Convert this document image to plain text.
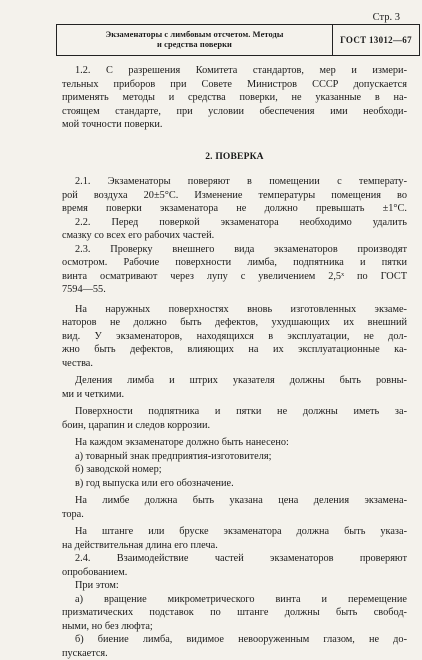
Стр. 3
Экзаменаторы с лимбовым отсчетом. Методы
и средства поверки	ГОСТ 13012—67
1.2. С разрешения Комитета стандартов, мер и измери-
тельных приборов при Совете Министров СССР допускается
применять методы и средства поверки, не указанные в на-
стоящем стандарте, при условии обеспечения ими необходи-
мой точности поверки.
2. ПОВЕРКА
2.1. Экзаменаторы поверяют в помещении с температу-
рой воздуха 20±5°С. Изменение температуры помещения во
время поверки экзаменатора не должно превышать ±1°С.
2.2. Перед поверкой экзаменатора необходимо удалить
смазку со всех его рабочих частей.
2.3. Проверку внешнего вида экзаменаторов производят
осмотром. Рабочие поверхности лимба, подпятника и пятки
винта осматривают через лупу с увеличением 2,5ˣ по ГОСТ
7594—55.
На наружных поверхностях вновь изготовленных экзаме-
наторов не должно быть дефектов, ухудшающих их внешний
вид. У экзаменаторов, находящихся в эксплуатации, не дол-
жно быть дефектов, влияющих на их эксплуатационные ка-
чества.
Деления лимба и штрих указателя должны быть ровны-
ми и четкими.
Поверхности подпятника и пятки не должны иметь за-
боин, царапин и следов коррозии.
На каждом экзаменаторе должно быть нанесено:
а) товарный знак предприятия-изготовителя;
б) заводской номер;
в) год выпуска или его обозначение.
На лимбе должна быть указана цена деления экзамена-
тора.
На штанге или бруске экзаменатора должна быть указа-
на действительная длина его плеча.
2.4. Взаимодействие частей экзаменаторов проверяют
опробованием.
При этом:
а) вращение микрометрического винта и перемещение
призматических подставок по штанге должны быть свобод-
ными, но без люфта;
б) биение лимба, видимое невооруженным глазом, не до-
пускается.
